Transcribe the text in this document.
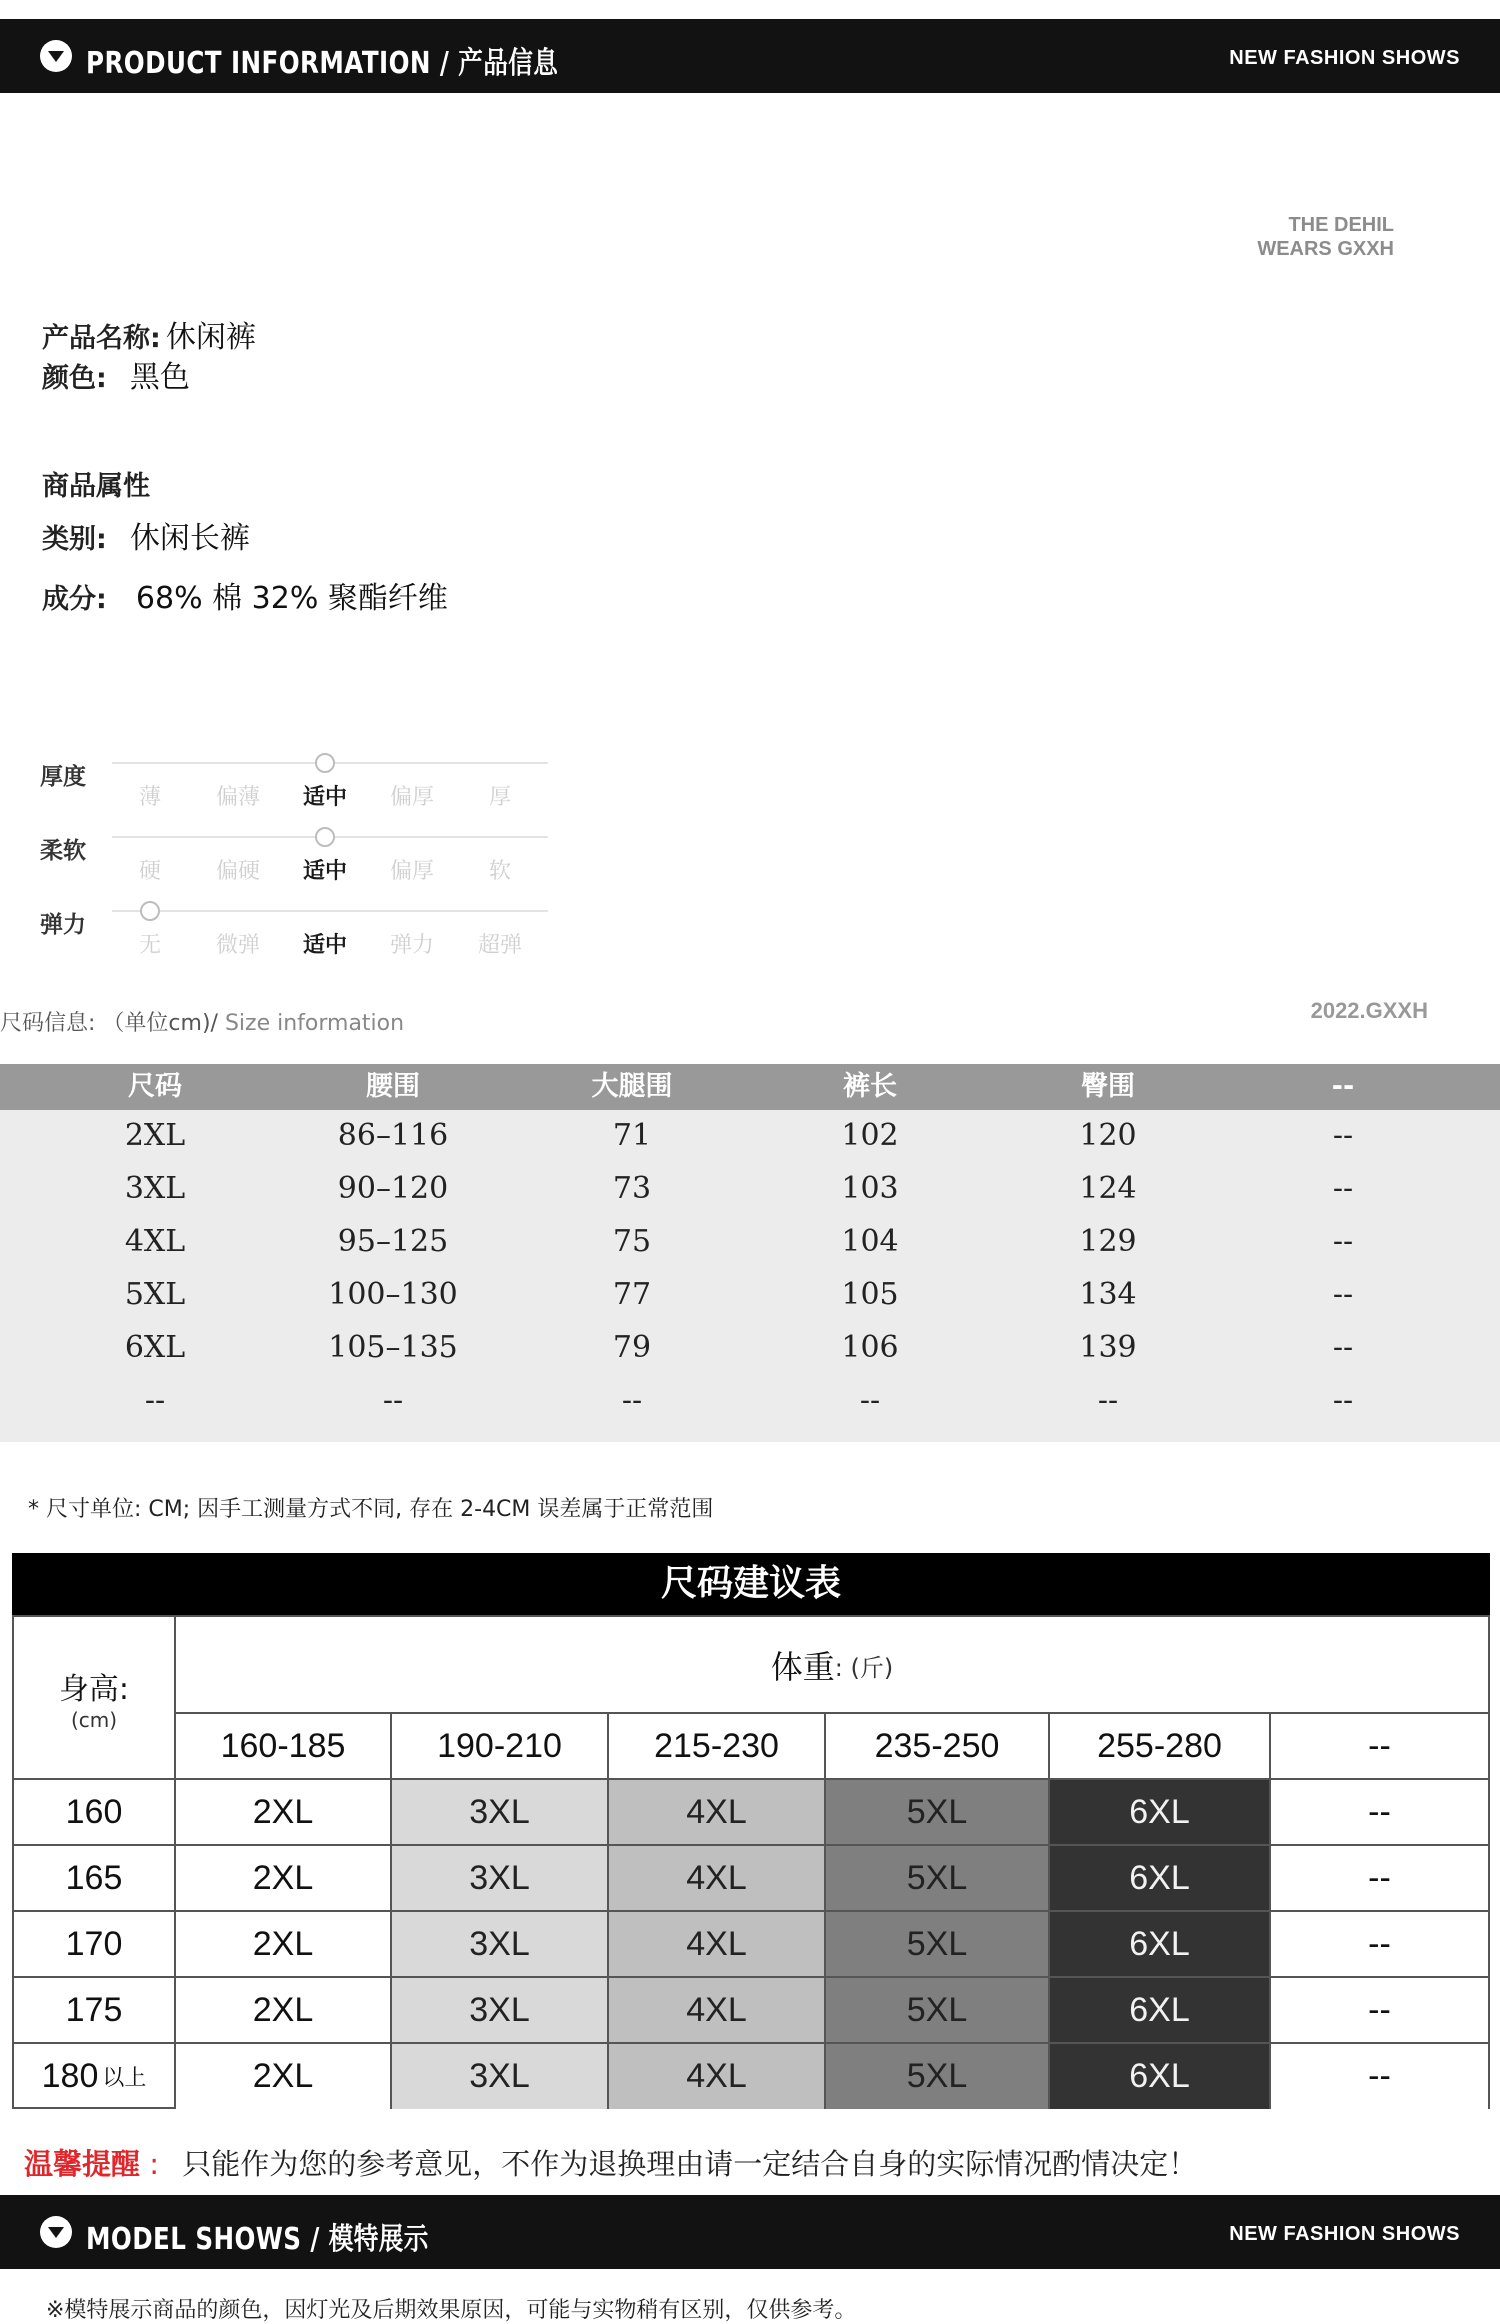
PRODUCT INFORMATION / 产品信息	NEW FASHION SHOWS
THE DEHIL
WEARS GXXH
产品名称: 休闲裤
颜色: 黑色
商品属性
类别: 休闲长裤
成分: 68% 棉 32% 聚酯纤维
厚度
薄	偏薄	适中	偏厚	厚
柔软
硬	偏硬	适中	偏厚	软
弹力
无	微弹	适中	弹力	超弹
尺码信息: （单位cm)/ Size information
2022.GXXH
尺码	腰围	大腿围	裤长	臀围	--
2XL	86–116	71	102	120	--
3XL	90–120	73	103	124	--
4XL	95–125	75	104	129	--
5XL	100–130	77	105	134	--
6XL	105–135	79	106	139	--
--	--	--	--	--	--
* 尺寸单位: CM; 因手工测量方式不同, 存在 2-4CM 误差属于正常范围
尺码建议表
身高:
(cm)
体重 : (斤)
160-185	190-210	215-230	235-250	255-280	--
160	2XL	3XL	4XL	5XL	6XL	--
165	2XL	3XL	4XL	5XL	6XL	--
170	2XL	3XL	4XL	5XL	6XL	--
175	2XL	3XL	4XL	5XL	6XL	--
180 以上	2XL	3XL	4XL	5XL	6XL	--
温馨提醒 : 只能作为您的参考意见，不作为退换理由请一定结合自身的实际情况酌情决定！
MODEL SHOWS / 模特展示	NEW FASHION SHOWS
※模特展示商品的颜色，因灯光及后期效果原因，可能与实物稍有区别，仅供参考。
